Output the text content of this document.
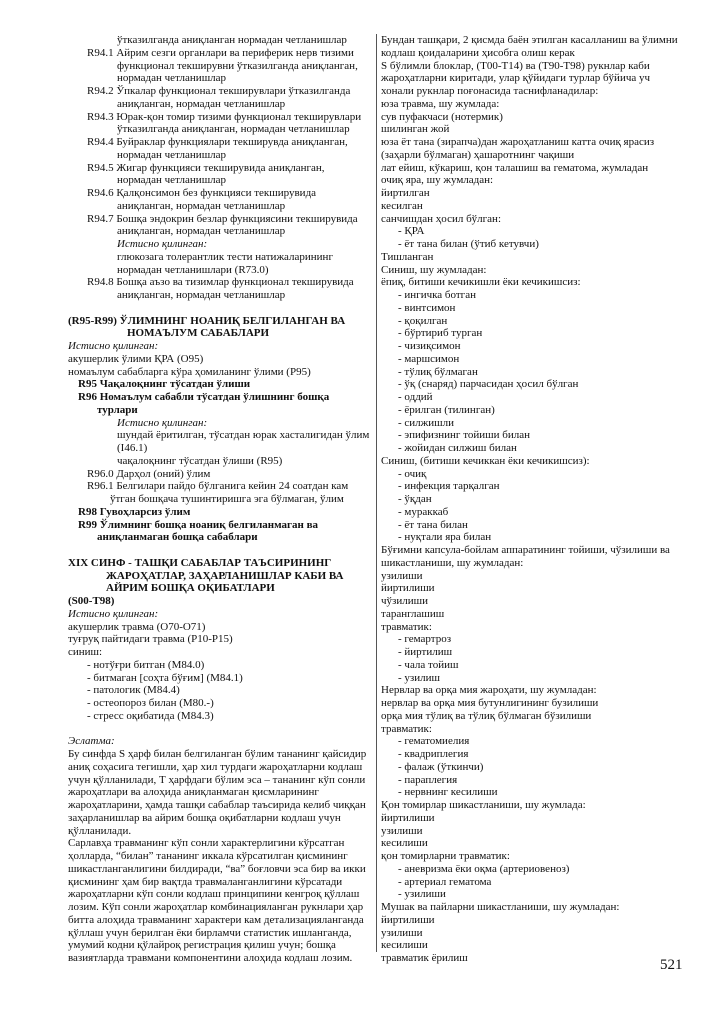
ўтказилганда аниқланган нормадан четланишлар
R94.1 Айрим сезги органлари ва периферик нерв тизими
функционал текширувни ўтказилганда аниқланган,
нормадан четланишлар
R94.2 Ўпкалар функционал текширувлари ўтказилганда
аниқланган, нормадан четланишлар
R94.3 Юрак-қон томир тизими функционал текширувлари
ўтказилганда аниқланган, нормадан четланишлар
R94.4 Буйраклар функциялари текширувда аниқланган,
нормадан четланишлар
R94.5 Жигар функцияси текширувида аниқланган,
нормадан четланишлар
R94.6 Қалқонсимон без функцияси текширувида
аниқланган, нормадан четланишлар
R94.7 Бошқа эндокрин безлар функциясини текширувида
аниқланган, нормадан четланишлар
Истисно қилинган:
глюкозага толерантлик тести натижаларининг
нормадан четланишлари (R73.0)
R94.8 Бошқа аъзо ва тизимлар функционал текширувида
аниқланган, нормадан четланишлар
(R95-R99) ЎЛИМНИНГ НОАНИҚ БЕЛГИЛАНГАН ВА
НОМАЪЛУМ САБАБЛАРИ
Истисно қилинган:
акушерлик ўлими ҚРА (O95)
номаълум сабабларга кўра ҳомиланинг ўлими (P95)
R95 Чақалоқнинг тўсатдан ўлиши
R96 Номаълум сабабли тўсатдан ўлишнинг бошқа
турлари
Истисно қилинган:
шундай ёритилган, тўсатдан юрак хасталигидан ўлим
(I46.1)
чақалоқнинг тўсатдан ўлиши (R95)
R96.0 Дарҳол (оний) ўлим
R96.1 Белгилари пайдо бўлганига кейин 24 соатдан кам
ўтган бошқача тушинтиришга эга бўлмаган, ўлим
R98 Гувоҳларсиз ўлим
R99 Ўлимнинг бошқа ноаниқ белгиланмаган ва
аниқланмаган бошқа сабаблари
XIX СИНФ - ТАШҚИ САБАБЛАР ТАЪСИРИНИНГ
ЖАРОҲАТЛАР, ЗАҲАРЛАНИШЛАР КАБИ ВА
АЙРИМ БОШҚА ОҚИБАТЛАРИ
(S00-T98)
Истисно қилинган:
акушерлик травма (O70-O71)
туғруқ пайтидаги травма (P10-P15)
синиш:
- нотўғри битган (M84.0)
- битмаган [соҳта бўғим] (M84.1)
- патологик (M84.4)
- остеопороз билан (M80.-)
- стресс оқибатида (M84.3)
Эслатма:
Бу синфда S ҳарф билан белгиланган бўлим тананинг қайсидир
аниқ соҳасига тегишли, ҳар хил турдаги жароҳатларни кодлаш
учун қўлланилади, Т ҳарфдаги бўлим эса – тананинг кўп сонли
жароҳатлари ва алоҳида аниқланмаган қисмларининг
жароҳатларини, ҳамда ташқи сабаблар таъсирида келиб чиққан
заҳарланишлар ва айрим бошқа оқибатларни кодлаш учун
қўлланилади.
Сарлавҳа травманинг кўп сонли характерлигини кўрсатган
ҳолларда, “билан” тананинг иккала кўрсатилган қисмининг
шикастланганлигини билдиради, “ва” боғловчи эса бир ва икки
қисмининг ҳам бир вақтда травмаланганлигини кўрсатади
жароҳатларни кўп сонли кодлаш принципини кенгроқ қўллаш
лозим. Кўп сонли жароҳатлар комбинацияланган рукнлари ҳар
битта алоҳида травманинг характери кам детализацияланганда
қўллаш учун берилган ёки бирламчи статистик ишланганда,
умумий кодни қўлайроқ регистрация қилиш учун; бошқа
вазиятларда травмани компонентини алоҳида кодлаш лозим.
Бундан ташқари, 2 қисмда баён этилган касалланиш ва ўлимни
кодлаш қоидаларини ҳисобга олиш керак
S бўлимли блоклар, (T00-T14) ва (T90-T98) рукнлар каби
жароҳатларни киритади, улар қўйидаги турлар бўйича уч
хонали рукнлар поғонасида таснифланадилар:
юза травма, шу жумлада:
сув пуфакчаси (нотермик)
шилинган жой
юза ёт тана (зирапча)дан жароҳатланиш катта очиқ ярасиз
(заҳарли бўлмаган) ҳашаротнинг чақиши
лат ейиш, кўкариш, қон талашиш ва гематома, жумладан
очиқ яра, шу жумладан:
йиртилган
кесилган
санчишдан ҳосил бўлган:
- ҚРА
- ёт тана билан (ўтиб кетувчи)
Тишланган
Синиш, шу жумладан:
ёпиқ, битиши кечикишли ёки кечикишсиз:
- ингичка ботган
- винтсимон
- қоқилган
- бўртириб турган
- чизиқсимон
- маршсимон
- тўлиқ бўлмаган
- ўқ (снаряд) парчасидан ҳосил бўлган
- оддий
- ёрилган (тилинган)
- силжишли
- эпифизнинг тойиши билан
- жойидан силжиш билан
Синиш, (битиши кечиккан ёки кечикишсиз):
- очиқ
- инфекция тарқалган
- ўқдан
- мураккаб
- ёт тана билан
- нуқтали яра билан
Бўғимни капсула-бойлам аппаратининг тойиши, чўзилиши ва
шикастланиши, шу жумладан:
узилиши
йиртилиши
чўзилиши
таранглашиш
травматик:
- гемартроз
- йиртилиш
- чала тойиш
- узилиш
Нервлар ва орқа мия жароҳати, шу жумладан:
нервлар ва орқа мия бутунлигининг бузилиши
орқа мия тўлиқ ва тўлиқ бўлмаган бўзилиши
травматик:
- гематомиелия
- квадриплегия
- фалаж (ўткинчи)
- параплегия
- нервнинг кесилиши
Қон томирлар шикастланиши, шу жумлада:
йиртилиши
узилиши
кесилиши
қон томирларни травматик:
- аневризма ёки оқма (артериовеноз)
- артериал гематома
- узилиши
Мушак ва пайларни шикастланиши, шу жумладан:
йиртилиши
узилиши
кесилиши
травматик ёрилиш	521
